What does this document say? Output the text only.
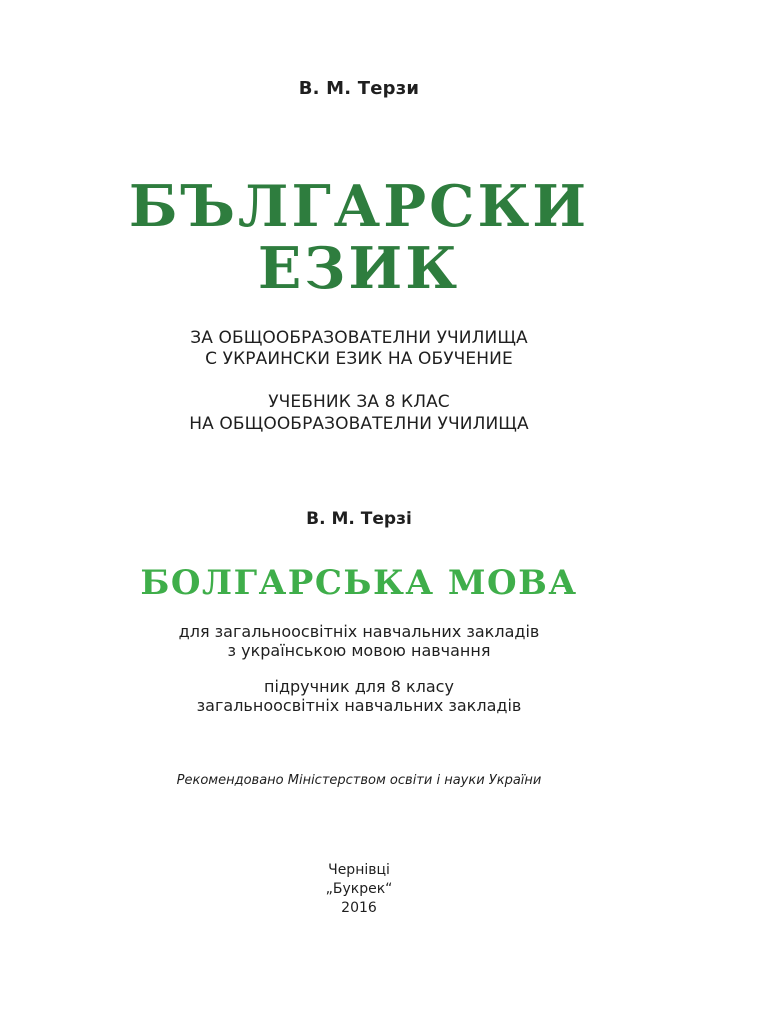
В. М. Терзи
БЪЛГАРСКИ
ЕЗИК
ЗА ОБЩООБРАЗОВАТЕЛНИ УЧИЛИЩА
С УКРАИНСКИ ЕЗИК НА ОБУЧЕНИЕ
УЧЕБНИК ЗА 8 КЛАС
НА ОБЩООБРАЗОВАТЕЛНИ УЧИЛИЩА
В. М. Терзі
БОЛГАРСЬКА МОВА
для загальноосвітніх навчальних закладів
з українською мовою навчання
підручник для 8 класу
загальноосвітніх навчальних закладів
Рекомендовано Міністерством освіти і науки України
Чернівці
„Букрек“
2016
